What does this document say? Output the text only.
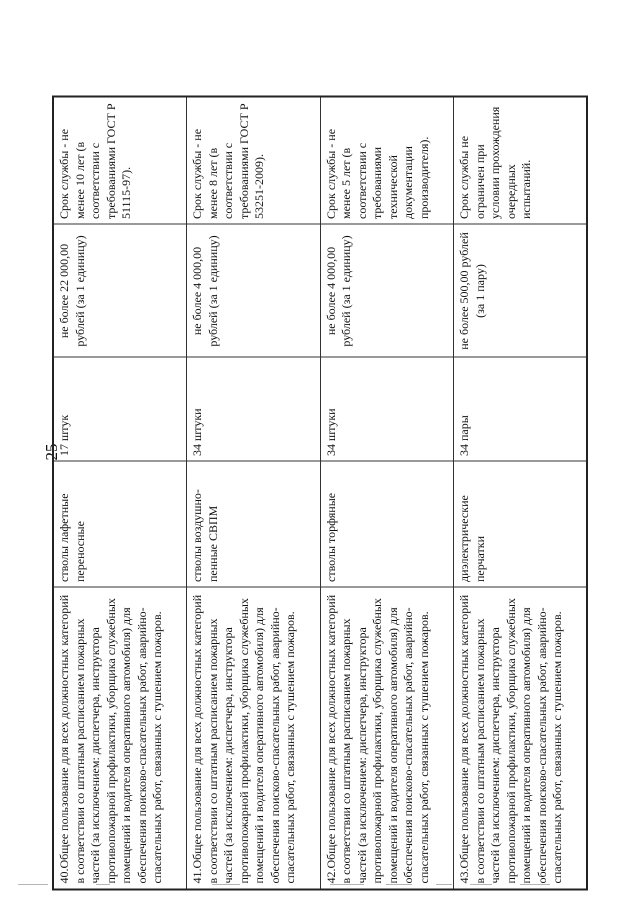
25
40.Общее пользование для всех должностных категорий в соответствии со штатным расписанием пожарных частей (за исключением: диспетчера, инструктора противопожарной профилактики, уборщика служебных помещений и водителя оперативного автомобиля) для обеспечения поисково-спасательных работ, аварийно-спасательных работ, связанных с тушением пожаров.	стволы лафетные переносные	17 штук	не более 22 000,00 рублей (за 1 единицу)	Срок службы - не менее 10 лет (в соответствии с требованиями ГОСТ Р 51115-97).
41.Общее пользование для всех должностных категорий в соответствии со штатным расписанием пожарных частей (за исключением: диспетчера, инструктора противопожарной профилактики, уборщика служебных помещений и водителя оперативного автомобиля) для обеспечения поисково-спасательных работ, аварийно-спасательных работ, связанных с тушением пожаров.	стволы воздушно-пенные СВПМ	34 штуки	не более 4 000,00 рублей (за 1 единицу)	Срок службы - не менее 8 лет (в соответствии с требованиями ГОСТ Р 53251-2009).
42.Общее пользование для всех должностных категорий в соответствии со штатным расписанием пожарных частей (за исключением: диспетчера, инструктора противопожарной профилактики, уборщика служебных помещений и водителя оперативного автомобиля) для обеспечения поисково-спасательных работ, аварийно-спасательных работ, связанных с тушением пожаров.	стволы торфяные	34 штуки	не более 4 000,00 рублей (за 1 единицу)	Срок службы - не менее 5 лет (в соответствии с требованиями технической документации производителя).
43.Общее пользование для всех должностных категорий в соответствии со штатным расписанием пожарных частей (за исключением: диспетчера, инструктора противопожарной профилактики, уборщика служебных помещений и водителя оперативного автомобиля) для обеспечения поисково-спасательных работ, аварийно-спасательных работ, связанных с тушением пожаров.	диэлектрические перчатки	34 пары	не более 500,00 рублей (за 1 пару)	Срок службы не ограничен при условии прохождения очередных испытаний.
